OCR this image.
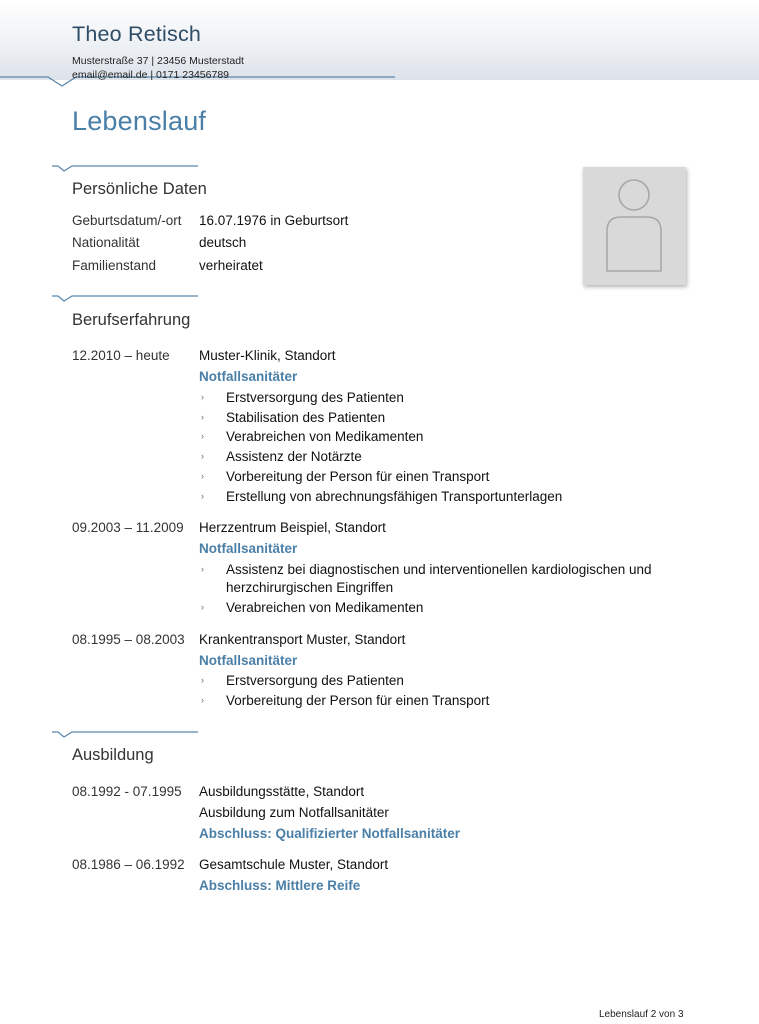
Theo Retisch
Musterstraße 37 | 23456 Musterstadt
email@email.de | 0171 23456789
Lebenslauf
Persönliche Daten
Geburtsdatum/-ort 16.07.1976 in Geburtsort
Nationalität	deutsch
Familienstand	verheiratet
Berufserfahrung
12.2010 – heute Muster-Klinik, Standort
Notfallsanitäter
› Erstversorgung des Patienten
› Stabilisation des Patienten
› Verabreichen von Medikamenten
› Assistenz der Notärzte
› Vorbereitung der Person für einen Transport
› Erstellung von abrechnungsfähigen Transportunterlagen
09.2003 – 11.2009 Herzzentrum Beispiel, Standort
Notfallsanitäter
› Assistenz bei diagnostischen und interventionellen kardiologischen und
herzchirurgischen Eingriffen
› Verabreichen von Medikamenten
08.1995 – 08.2003 Krankentransport Muster, Standort
Notfallsanitäter
› Erstversorgung des Patienten
› Vorbereitung der Person für einen Transport
Ausbildung
08.1992 - 07.1995 Ausbildungsstätte, Standort
Ausbildung zum Notfallsanitäter
Abschluss: Qualifizierter Notfallsanitäter
08.1986 – 06.1992 Gesamtschule Muster, Standort
Abschluss: Mittlere Reife
Lebenslauf 2 von 3
